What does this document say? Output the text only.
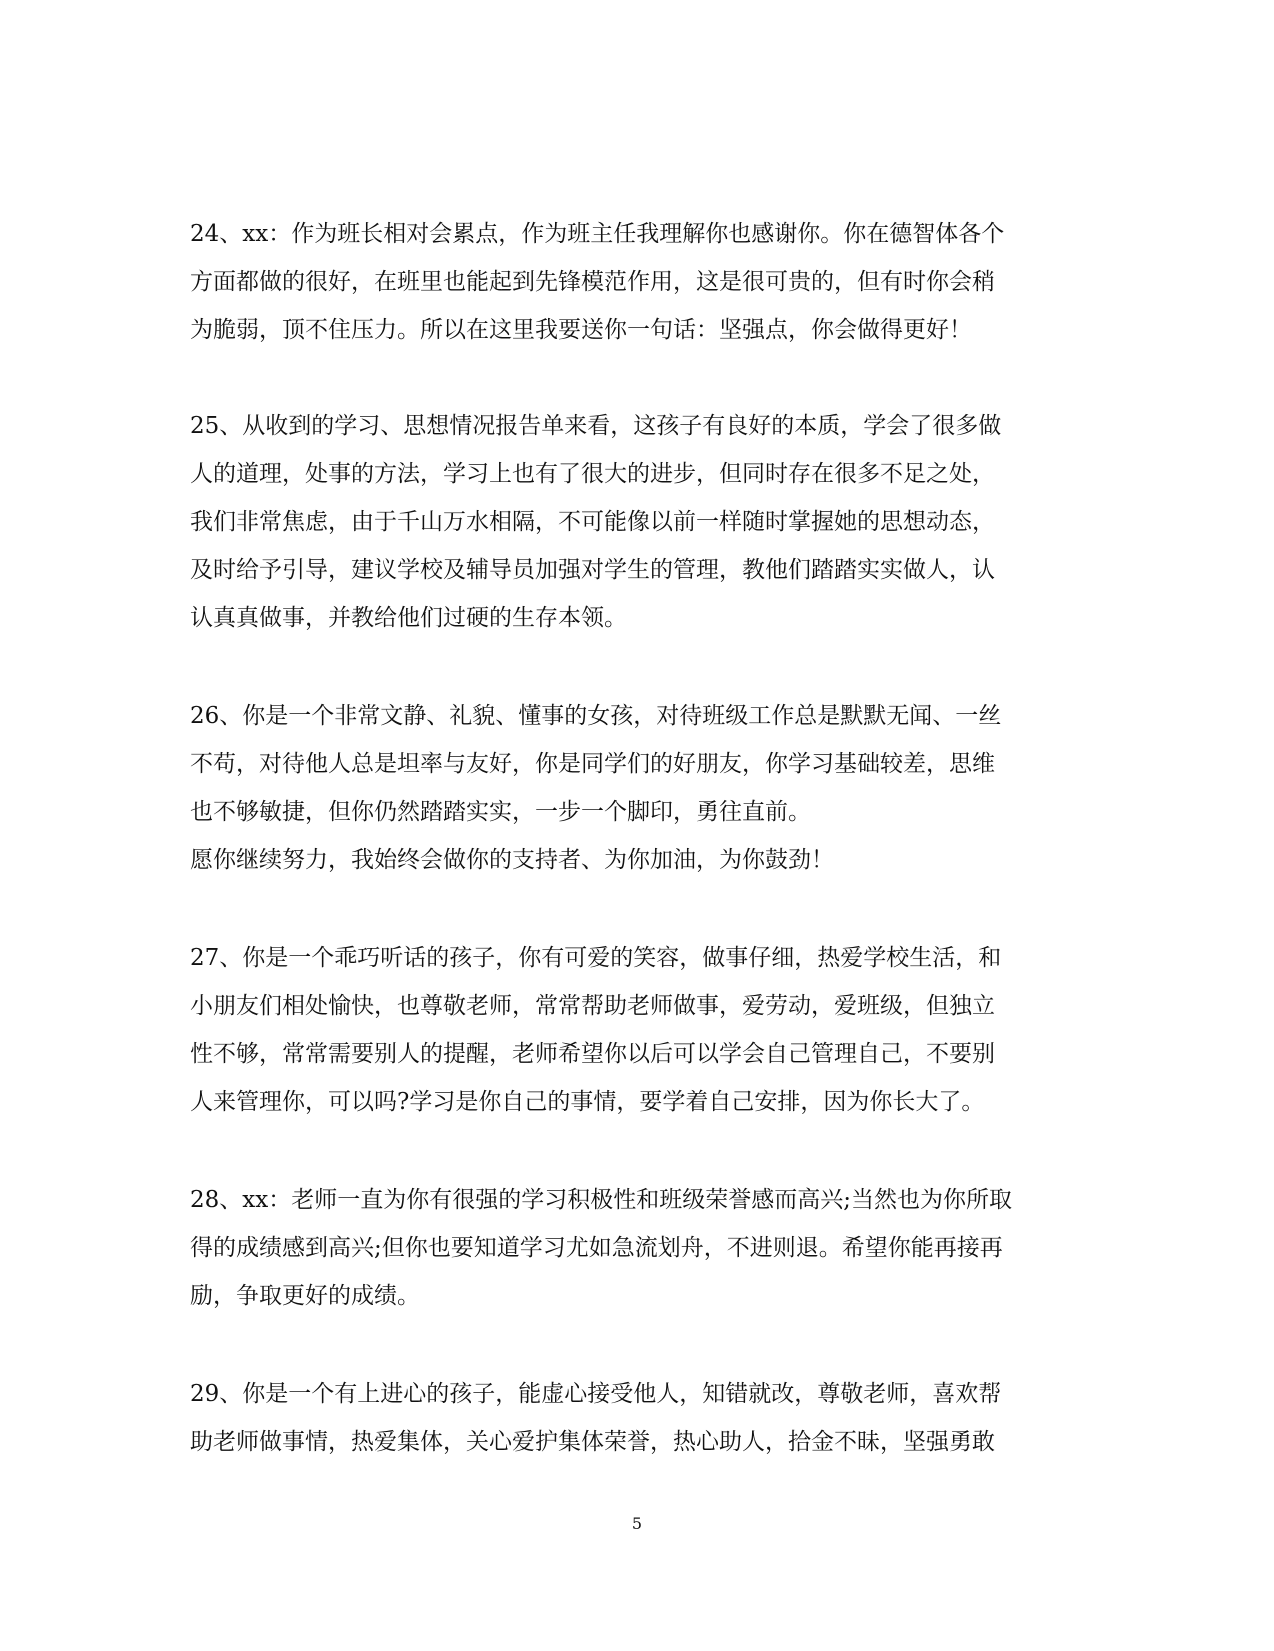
24、xx：作为班长相对会累点，作为班主任我理解你也感谢你。你在德智体各个
方面都做的很好，在班里也能起到先锋模范作用，这是很可贵的，但有时你会稍
为脆弱，顶不住压力。所以在这里我要送你一句话：坚强点，你会做得更好！
25、从收到的学习、思想情况报告单来看，这孩子有良好的本质，学会了很多做
人的道理，处事的方法，学习上也有了很大的进步，但同时存在很多不足之处，
我们非常焦虑，由于千山万水相隔，不可能像以前一样随时掌握她的思想动态，
及时给予引导，建议学校及辅导员加强对学生的管理，教他们踏踏实实做人，认
认真真做事，并教给他们过硬的生存本领。
26、你是一个非常文静、礼貌、懂事的女孩，对待班级工作总是默默无闻、一丝
不苟，对待他人总是坦率与友好，你是同学们的好朋友，你学习基础较差，思维
也不够敏捷，但你仍然踏踏实实，一步一个脚印，勇往直前。
愿你继续努力，我始终会做你的支持者、为你加油，为你鼓劲！
27、你是一个乖巧听话的孩子，你有可爱的笑容，做事仔细，热爱学校生活，和
小朋友们相处愉快，也尊敬老师，常常帮助老师做事，爱劳动，爱班级，但独立
性不够，常常需要别人的提醒，老师希望你以后可以学会自己管理自己，不要别
人来管理你，可以吗?学习是你自己的事情，要学着自己安排，因为你长大了。
28、xx：老师一直为你有很强的学习积极性和班级荣誉感而高兴;当然也为你所取
得的成绩感到高兴;但你也要知道学习尤如急流划舟，不进则退。希望你能再接再
励，争取更好的成绩。
29、你是一个有上进心的孩子，能虚心接受他人，知错就改，尊敬老师，喜欢帮
助老师做事情，热爱集体，关心爱护集体荣誉，热心助人，拾金不昧，坚强勇敢
5
